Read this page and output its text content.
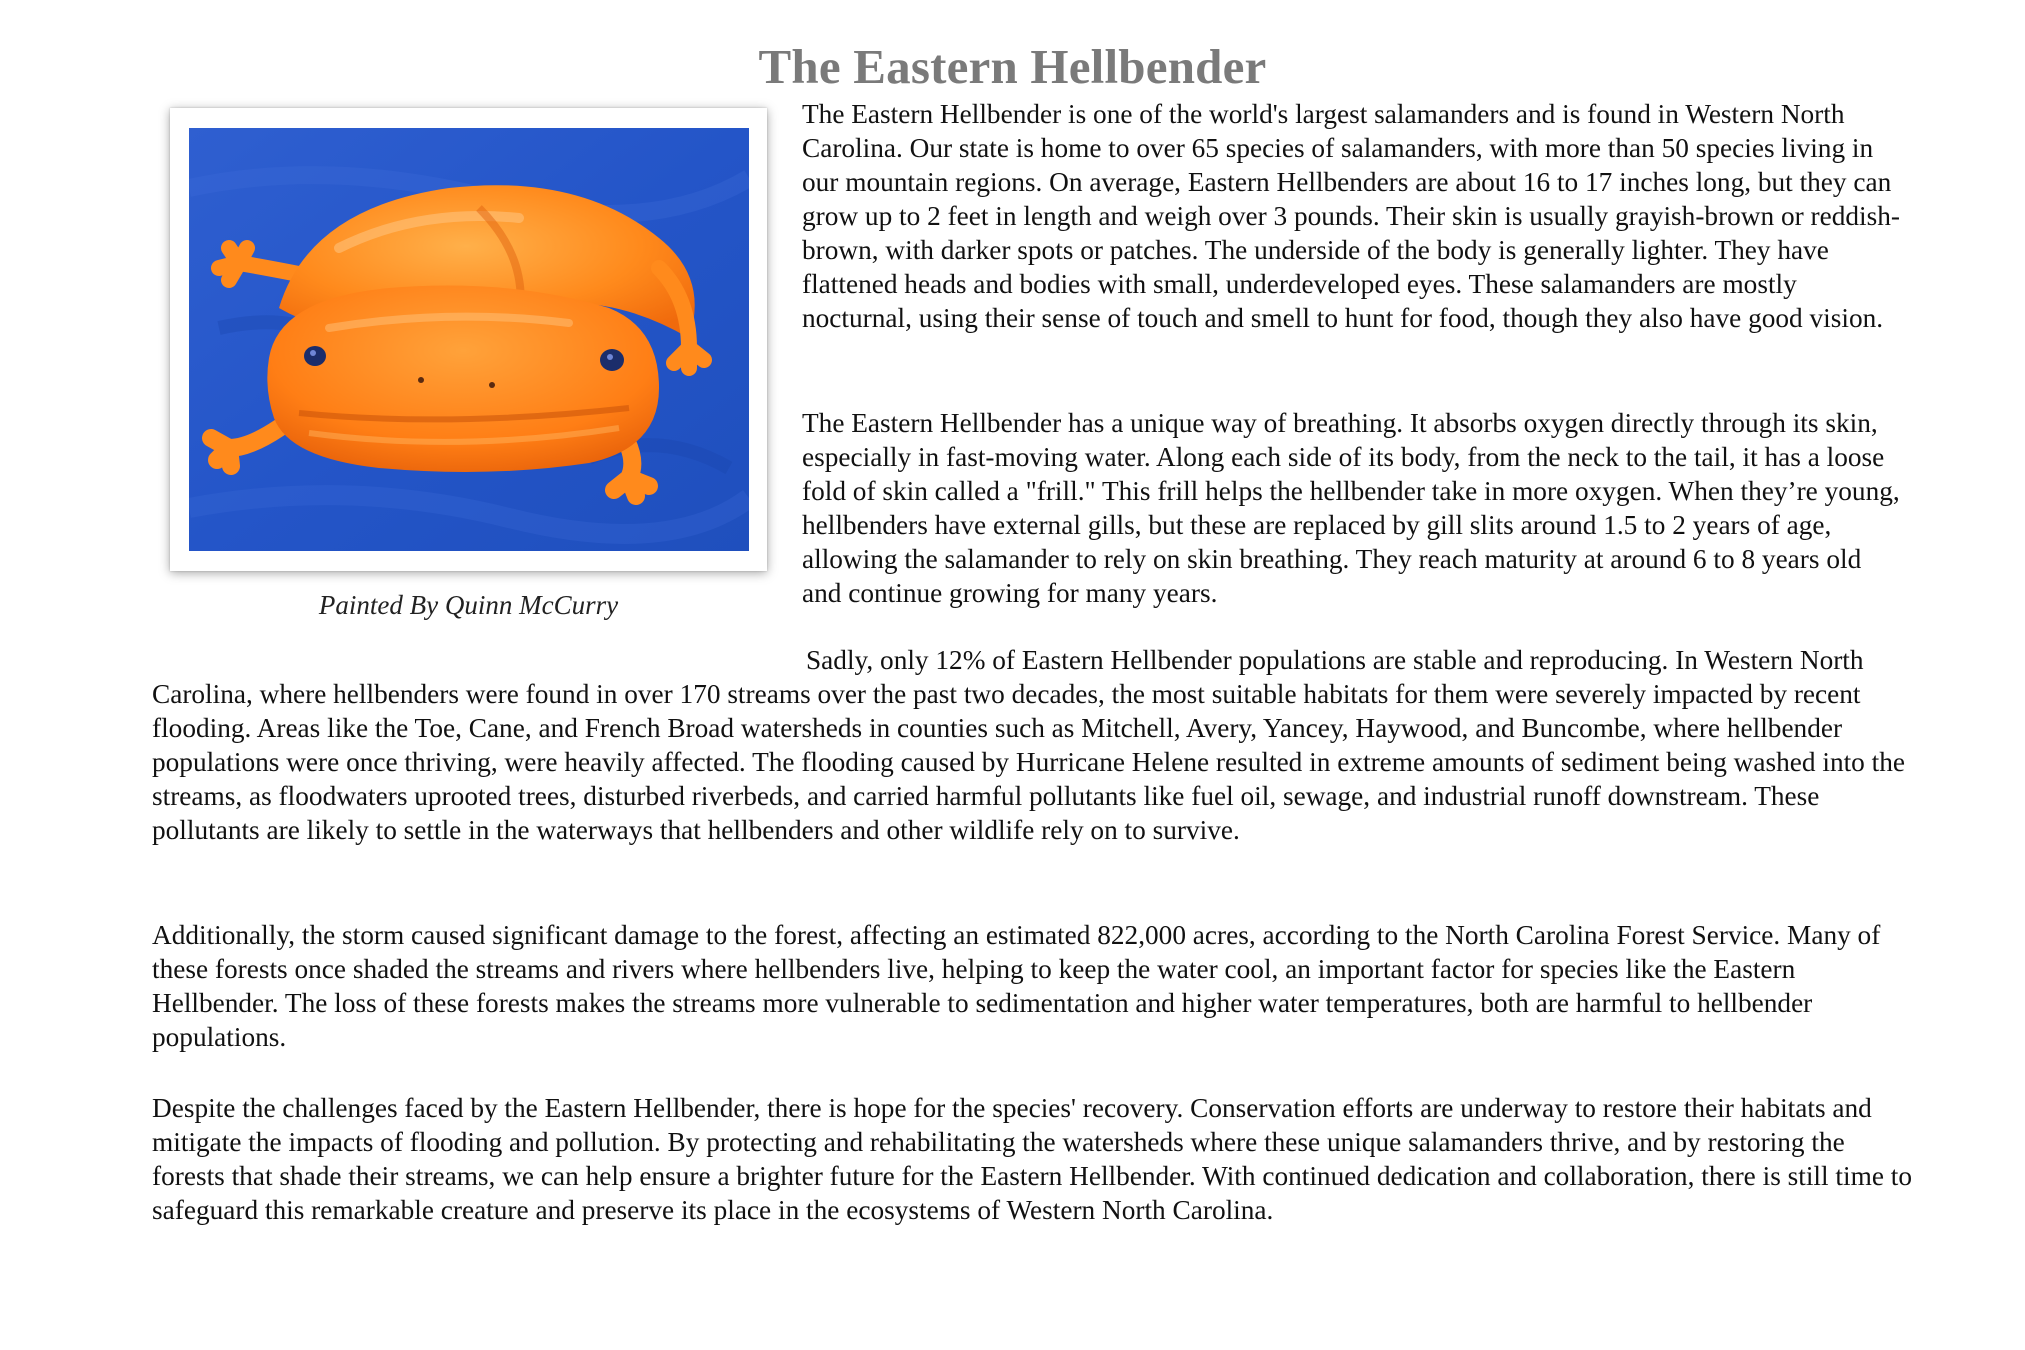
The Eastern Hellbender
Painted By Quinn McCurry

The Eastern Hellbender is one of the world's largest salamanders and is found in Western North Carolina. Our state is home to over 65 species of salamanders, with more than 50 species living in our mountain regions. On average, Eastern Hellbenders are about 16 to 17 inches long, but they can grow up to 2 feet in length and weigh over 3 pounds. Their skin is usually grayish-brown or reddish-brown, with darker spots or patches. The underside of the body is generally lighter. They have flattened heads and bodies with small, underdeveloped eyes. These salamanders are mostly nocturnal, using their sense of touch and smell to hunt for food, though they also have good vision.

The Eastern Hellbender has a unique way of breathing. It absorbs oxygen directly through its skin, especially in fast-moving water. Along each side of its body, from the neck to the tail, it has a loose fold of skin called a "frill." This frill helps the hellbender take in more oxygen. When they’re young, hellbenders have external gills, but these are replaced by gill slits around 1.5 to 2 years of age, allowing the salamander to rely on skin breathing. They reach maturity at around 6 to 8 years old and continue growing for many years.

Sadly, only 12% of Eastern Hellbender populations are stable and reproducing. In Western North Carolina, where hellbenders were found in over 170 streams over the past two decades, the most suitable habitats for them were severely impacted by recent flooding. Areas like the Toe, Cane, and French Broad watersheds in counties such as Mitchell, Avery, Yancey, Haywood, and Buncombe, where hellbender populations were once thriving, were heavily affected. The flooding caused by Hurricane Helene resulted in extreme amounts of sediment being washed into the streams, as floodwaters uprooted trees, disturbed riverbeds, and carried harmful pollutants like fuel oil, sewage, and industrial runoff downstream. These pollutants are likely to settle in the waterways that hellbenders and other wildlife rely on to survive.

Additionally, the storm caused significant damage to the forest, affecting an estimated 822,000 acres, according to the North Carolina Forest Service. Many of these forests once shaded the streams and rivers where hellbenders live, helping to keep the water cool, an important factor for species like the Eastern Hellbender. The loss of these forests makes the streams more vulnerable to sedimentation and higher water temperatures, both are harmful to hellbender populations.

Despite the challenges faced by the Eastern Hellbender, there is hope for the species' recovery. Conservation efforts are underway to restore their habitats and mitigate the impacts of flooding and pollution. By protecting and rehabilitating the watersheds where these unique salamanders thrive, and by restoring the forests that shade their streams, we can help ensure a brighter future for the Eastern Hellbender. With continued dedication and collaboration, there is still time to safeguard this remarkable creature and preserve its place in the ecosystems of Western North Carolina.
